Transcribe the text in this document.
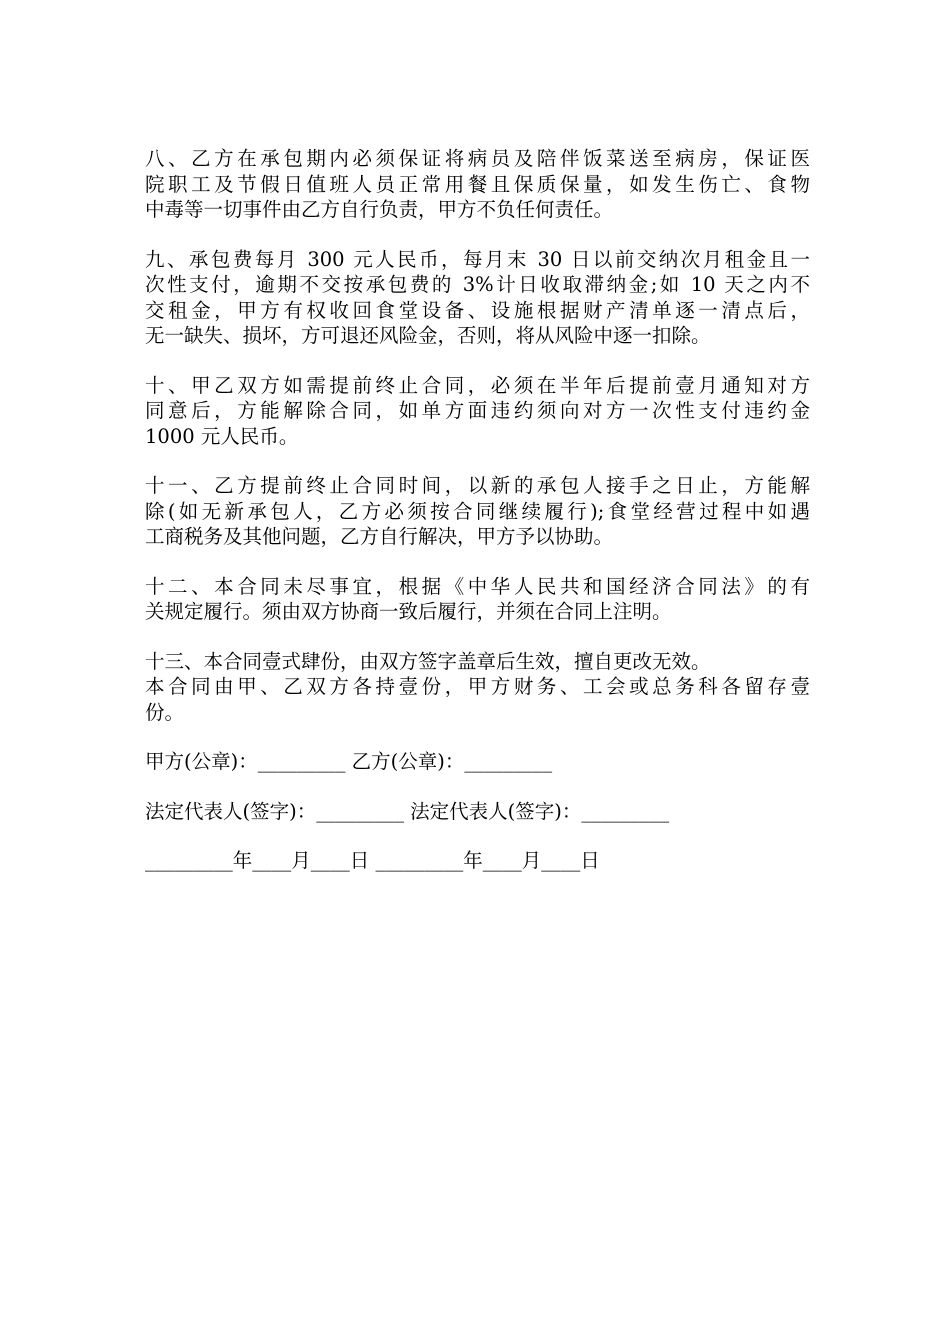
八、乙方在承包期内必须保证将病员及陪伴饭菜送至病房，保证医
院职工及节假日值班人员正常用餐且保质保量，如发生伤亡、食物
中毒等一切事件由乙方自行负责，甲方不负任何责任。
九、承包费每月 300 元人民币，每月末 30 日以前交纳次月租金且一
次性支付，逾期不交按承包费的 3%计日收取滞纳金;如 10 天之内不
交租金，甲方有权收回食堂设备、设施根据财产清单逐一清点后，
无一缺失、损坏，方可退还风险金，否则，将从风险中逐一扣除。
十、甲乙双方如需提前终止合同，必须在半年后提前壹月通知对方
同意后，方能解除合同，如单方面违约须向对方一次性支付违约金
1000 元人民币。
十一、乙方提前终止合同时间，以新的承包人接手之日止，方能解
除(如无新承包人，乙方必须按合同继续履行);食堂经营过程中如遇
工商税务及其他问题，乙方自行解决，甲方予以协助。
十二、本合同未尽事宜，根据《中华人民共和国经济合同法》的有
关规定履行。须由双方协商一致后履行，并须在合同上注明。
十三、本合同壹式肆份，由双方签字盖章后生效，擅自更改无效。
本合同由甲、乙双方各持壹份，甲方财务、工会或总务科各留存壹
份。
甲方(公章)：_________ 乙方(公章)：_________
法定代表人(签字)：_________ 法定代表人(签字)：_________
_________年____月____日 _________年____月____日
